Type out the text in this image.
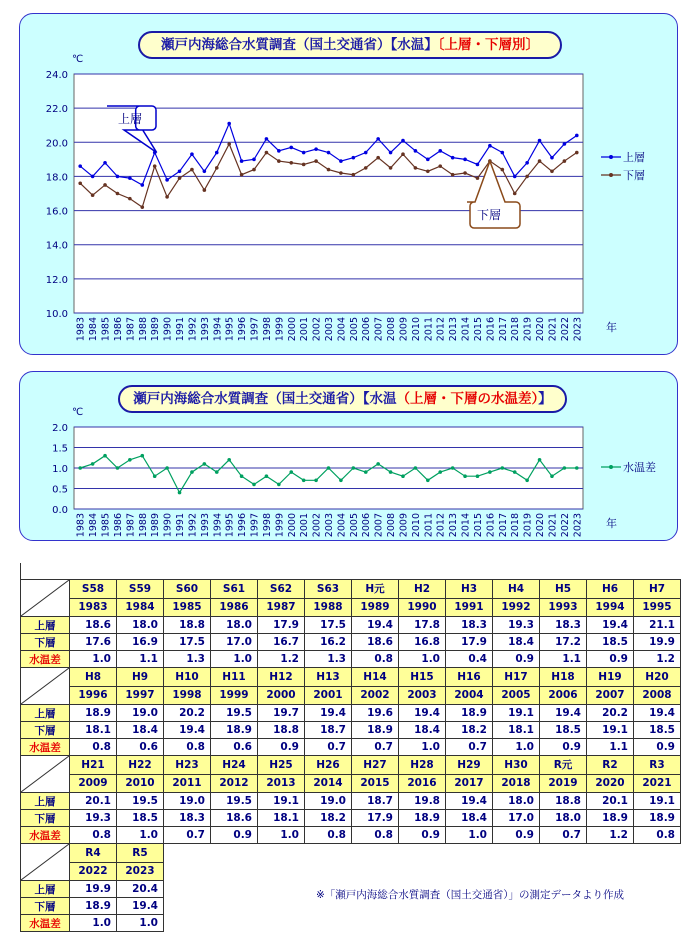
瀬戸内海総合水質調査（国土交通省）【水温】〔上層・下層別〕
瀬戸内海総合水質調査（国土交通省）【水温（上層・下層の水温差）】
24.0
22.0
20.0
18.0
16.0
14.0
12.0
10.0
1983 1984 1985 1986 1987 1988 1989 1990 1991 1992 1993 1994 1995 1996 1997 1998 1999 2000 2001 2002 2003 2004 2005 2006 2007 2008 2009 2010 2011 2012 2013 2014 2015 2016 2017 2018 2019 2020 2021 2022 2023
℃
年
上層
下層
2.0
1.5
1.0
0.5
0.0
1983 1984 1985 1986 1987 1988 1989 1990 1991 1992 1993 1994 1995 1996 1997 1998 1999 2000 2001 2002 2003 2004 2005 2006 2007 2008 2009 2010 2011 2012 2013 2014 2015 2016 2017 2018 2019 2020 2021 2022 2023
℃
年
水温差
上層
下層

	S58	S59	S60	S61	S62	S63	H元	H2	H3	H4	H5	H6	H7
	1983	1984	1985	1986	1987	1988	1989	1990	1991	1992	1993	1994	1995
上層	18.6	18.0	18.8	18.0	17.9	17.5	19.4	17.8	18.3	19.3	18.3	19.4	21.1
下層	17.6	16.9	17.5	17.0	16.7	16.2	18.6	16.8	17.9	18.4	17.2	18.5	19.9
水温差	1.0	1.1	1.3	1.0	1.2	1.3	0.8	1.0	0.4	0.9	1.1	0.9	1.2

	H8	H9	H10	H11	H12	H13	H14	H15	H16	H17	H18	H19	H20
	1996	1997	1998	1999	2000	2001	2002	2003	2004	2005	2006	2007	2008
上層	18.9	19.0	20.2	19.5	19.7	19.4	19.6	19.4	18.9	19.1	19.4	20.2	19.4
下層	18.1	18.4	19.4	18.9	18.8	18.7	18.9	18.4	18.2	18.1	18.5	19.1	18.5
水温差	0.8	0.6	0.8	0.6	0.9	0.7	0.7	1.0	0.7	1.0	0.9	1.1	0.9

	H21	H22	H23	H24	H25	H26	H27	H28	H29	H30	R元	R2	R3
	2009	2010	2011	2012	2013	2014	2015	2016	2017	2018	2019	2020	2021
上層	20.1	19.5	19.0	19.5	19.1	19.0	18.7	19.8	19.4	18.0	18.8	20.1	19.1
下層	19.3	18.5	18.3	18.6	18.1	18.2	17.9	18.9	18.4	17.0	18.0	18.9	18.9
水温差	0.8	1.0	0.7	0.9	1.0	0.8	0.8	0.9	1.0	0.9	0.7	1.2	0.8

	R4	R5											
	2022	2023											
上層	19.9	20.4											
下層	18.9	19.4											
水温差	1.0	1.0											
※「瀬戸内海総合水質調査（国土交通省）」の測定データより作成
